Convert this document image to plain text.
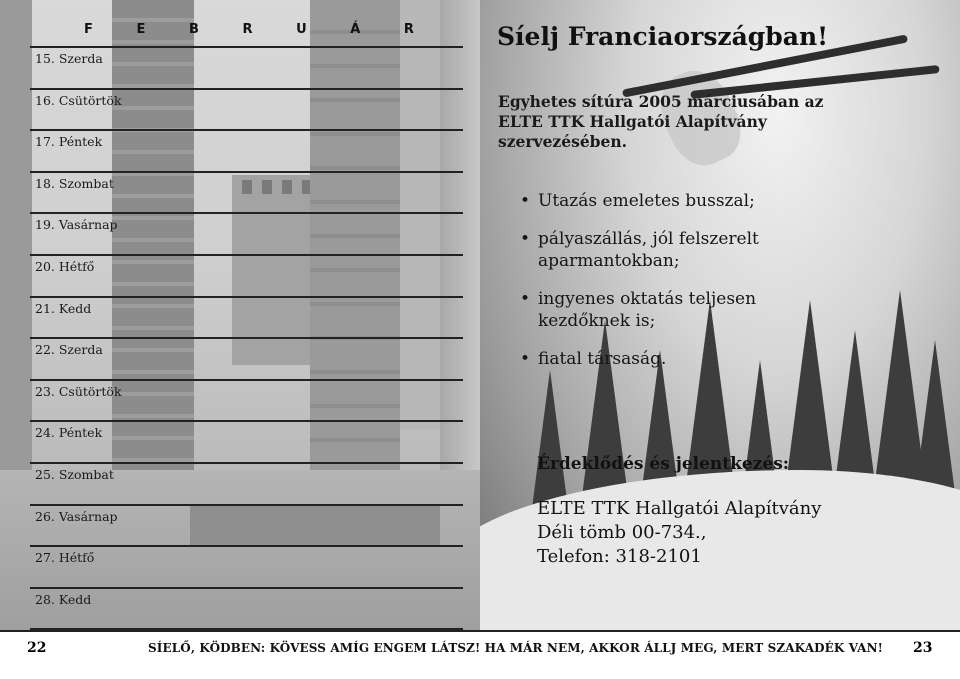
F	E	B	R	U	Á	R
15. Szerda
16. Csütörtök
17. Péntek
18. Szombat
19. Vasárnap
20. Hétfő
21. Kedd
22. Szerda
23. Csütörtök
24. Péntek
25. Szombat
26. Vasárnap
27. Hétfő
28. Kedd
Síelj Franciaországban!
Egyhetes sítúra 2005 márciusában az ELTE TTK Hallgatói Alapítvány szervezésében.
• Utazás emeletes busszal;
• pályaszállás, jól felszerelt aparmantokban;
• ingyenes oktatás teljesen kezdőknek is;
• fiatal társaság.
Érdeklődés és jelentkezés:
ELTE TTK Hallgatói Alapítvány
Déli tömb 00-734.,
Telefon: 318-2101
22	SÍELŐ, KÖDBEN: KÖVESS AMÍG ENGEM LÁTSZ! HA MÁR NEM, AKKOR ÁLLJ MEG, MERT SZAKADÉK VAN! 23
